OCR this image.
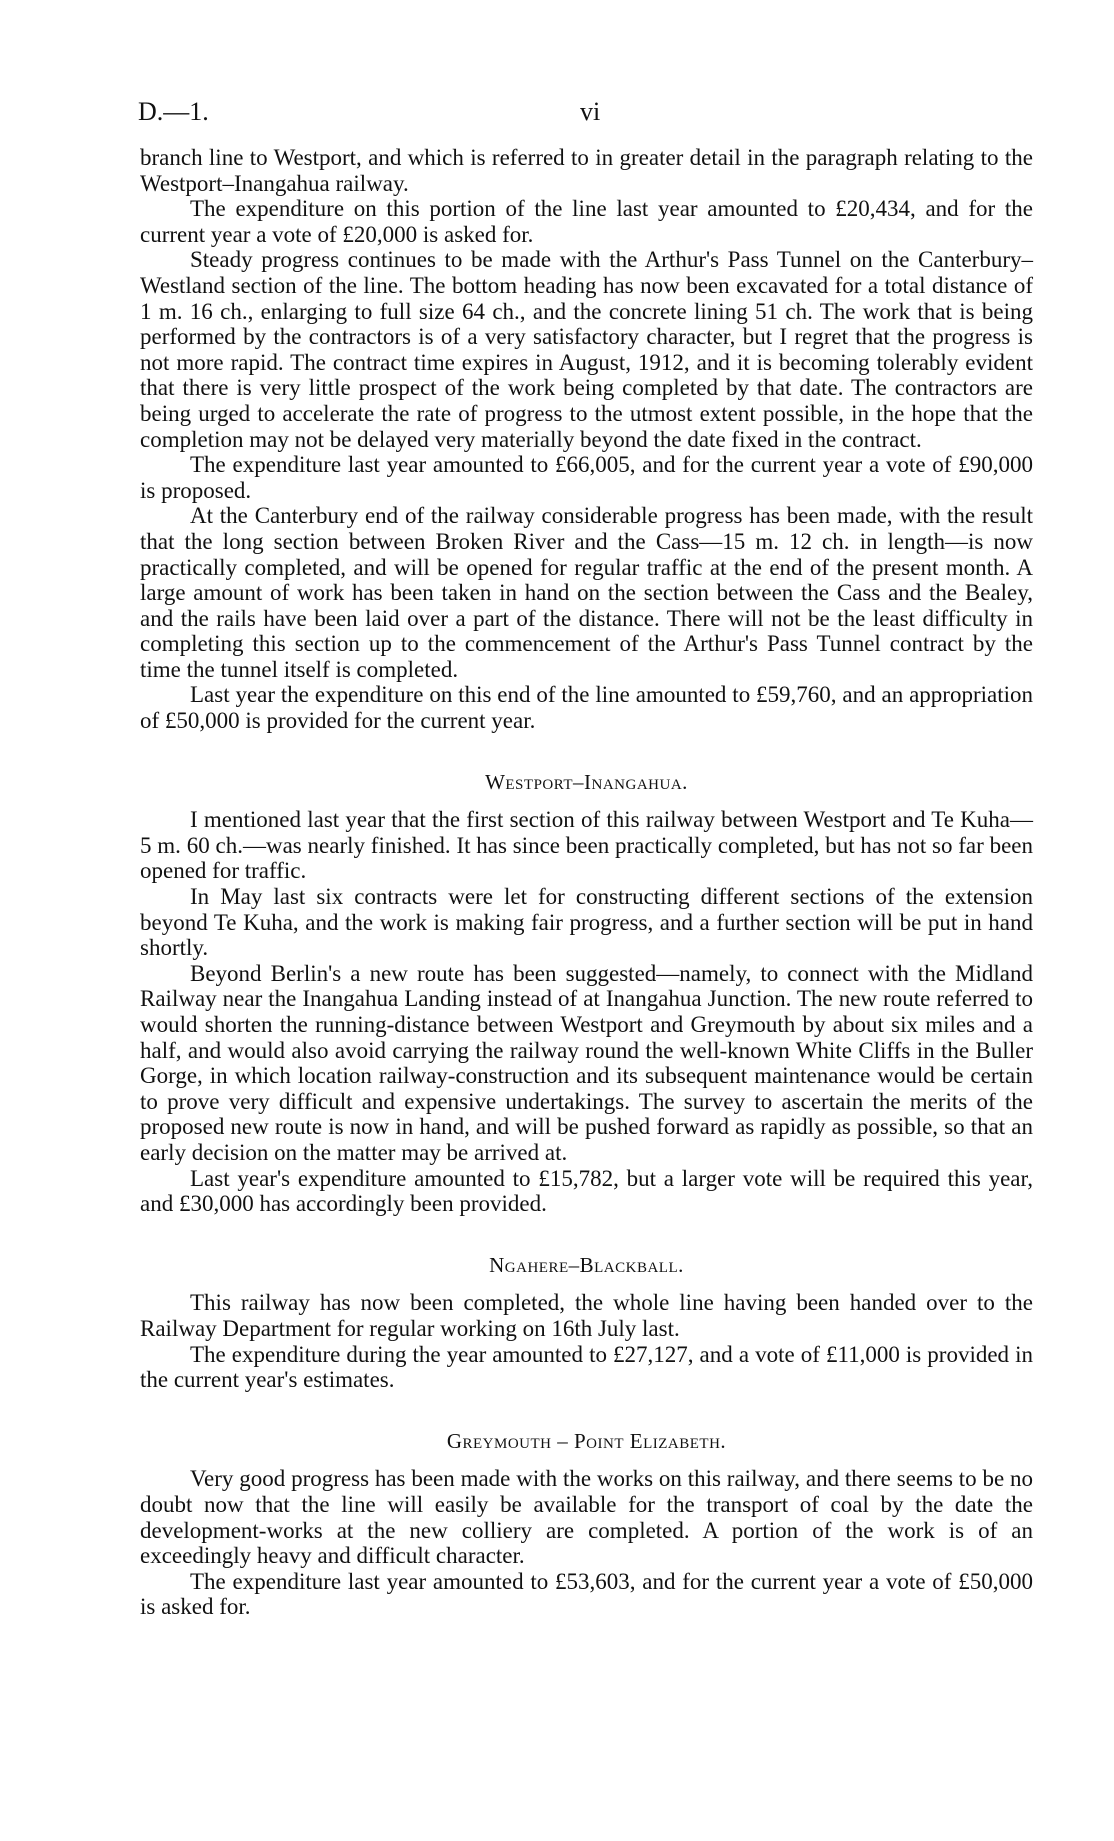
D.—1.	vi

branch line to Westport, and which is referred to in greater detail in the paragraph relating to the Westport–Inangahua railway.

The expenditure on this portion of the line last year amounted to £20,434, and for the current year a vote of £20,000 is asked for.

Steady progress continues to be made with the Arthur's Pass Tunnel on the Canterbury–Westland section of the line. The bottom heading has now been excavated for a total distance of 1 m. 16 ch., enlarging to full size 64 ch., and the concrete lining 51 ch. The work that is being performed by the contractors is of a very satisfactory character, but I regret that the progress is not more rapid. The contract time expires in August, 1912, and it is becoming tolerably evident that there is very little prospect of the work being completed by that date. The contractors are being urged to accelerate the rate of progress to the utmost extent possible, in the hope that the completion may not be delayed very materially beyond the date fixed in the contract.

The expenditure last year amounted to £66,005, and for the current year a vote of £90,000 is proposed.

At the Canterbury end of the railway considerable progress has been made, with the result that the long section between Broken River and the Cass—15 m. 12 ch. in length—is now practically completed, and will be opened for regular traffic at the end of the present month. A large amount of work has been taken in hand on the section between the Cass and the Bealey, and the rails have been laid over a part of the distance. There will not be the least difficulty in completing this section up to the commencement of the Arthur's Pass Tunnel contract by the time the tunnel itself is completed.

Last year the expenditure on this end of the line amounted to £59,760, and an appropriation of £50,000 is provided for the current year.

Westport–Inangahua.

I mentioned last year that the first section of this railway between Westport and Te Kuha—5 m. 60 ch.—was nearly finished. It has since been practically completed, but has not so far been opened for traffic.

In May last six contracts were let for constructing different sections of the extension beyond Te Kuha, and the work is making fair progress, and a further section will be put in hand shortly.

Beyond Berlin's a new route has been suggested—namely, to connect with the Midland Railway near the Inangahua Landing instead of at Inangahua Junction. The new route referred to would shorten the running-distance between Westport and Greymouth by about six miles and a half, and would also avoid carrying the railway round the well-known White Cliffs in the Buller Gorge, in which location railway-construction and its subsequent maintenance would be certain to prove very difficult and expensive undertakings. The survey to ascertain the merits of the proposed new route is now in hand, and will be pushed forward as rapidly as possible, so that an early decision on the matter may be arrived at.

Last year's expenditure amounted to £15,782, but a larger vote will be required this year, and £30,000 has accordingly been provided.

Ngahere–Blackball.

This railway has now been completed, the whole line having been handed over to the Railway Department for regular working on 16th July last.

The expenditure during the year amounted to £27,127, and a vote of £11,000 is provided in the current year's estimates.

Greymouth – Point Elizabeth.

Very good progress has been made with the works on this railway, and there seems to be no doubt now that the line will easily be available for the transport of coal by the date the development-works at the new colliery are completed. A portion of the work is of an exceedingly heavy and difficult character.

The expenditure last year amounted to £53,603, and for the current year a vote of £50,000 is asked for.
